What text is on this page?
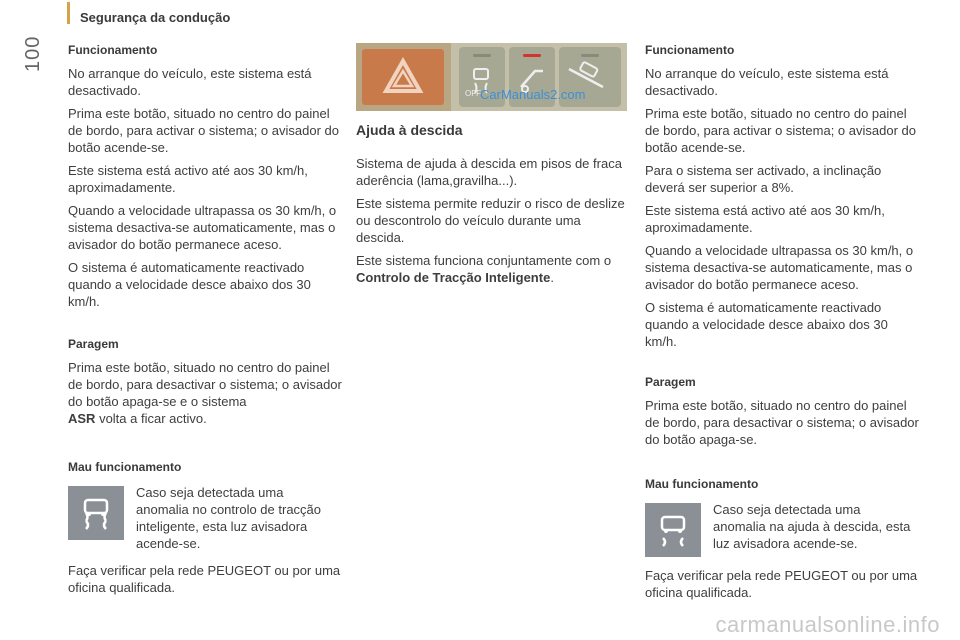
Segurança da condução
100 Funcionamento

No arranque do veículo, este sistema está desactivado.

Prima este botão, situado no centro do painel de bordo, para activar o sistema; o avisador do botão acende-se.

Este sistema está activo até aos 30 km/h, aproximadamente.

Quando a velocidade ultrapassa os 30 km/h, o sistema desactiva-se automaticamente, mas o avisador do botão permanece aceso.

O sistema é automaticamente reactivado quando a velocidade desce abaixo dos 30 km/h.

Paragem

Prima este botão, situado no centro do painel de bordo, para desactivar o sistema; o avisador do botão apaga-se e o sistema
ASR volta a ficar activo.

Mau funcionamento
Caso seja detectada uma anomalia no controlo de tracção inteligente, esta luz avisadora acende-se.

Faça verificar pela rede PEUGEOT ou por uma oficina qualificada.

OFF CarManuals2.com
Ajuda à descida

Sistema de ajuda à descida em pisos de fraca aderência (lama,gravilha...).

Este sistema permite reduzir o risco de deslize ou descontrolo do veículo durante uma descida.

Este sistema funciona conjuntamente com o Controlo de Tracção Inteligente.

Funcionamento

No arranque do veículo, este sistema está desactivado.

Prima este botão, situado no centro do painel de bordo, para activar o sistema; o avisador do botão acende-se.

Para o sistema ser activado, a inclinação deverá ser superior a 8%.

Este sistema está activo até aos 30 km/h, aproximadamente.

Quando a velocidade ultrapassa os 30 km/h, o sistema desactiva-se automaticamente, mas o avisador do botão permanece aceso.

O sistema é automaticamente reactivado quando a velocidade desce abaixo dos 30 km/h.

Paragem

Prima este botão, situado no centro do painel de bordo, para desactivar o sistema; o avisador do botão apaga-se.

Mau funcionamento
Caso seja detectada uma anomalia na ajuda à descida, esta luz avisadora acende-se.

Faça verificar pela rede PEUGEOT ou por uma oficina qualificada.

carmanualsonline.info
